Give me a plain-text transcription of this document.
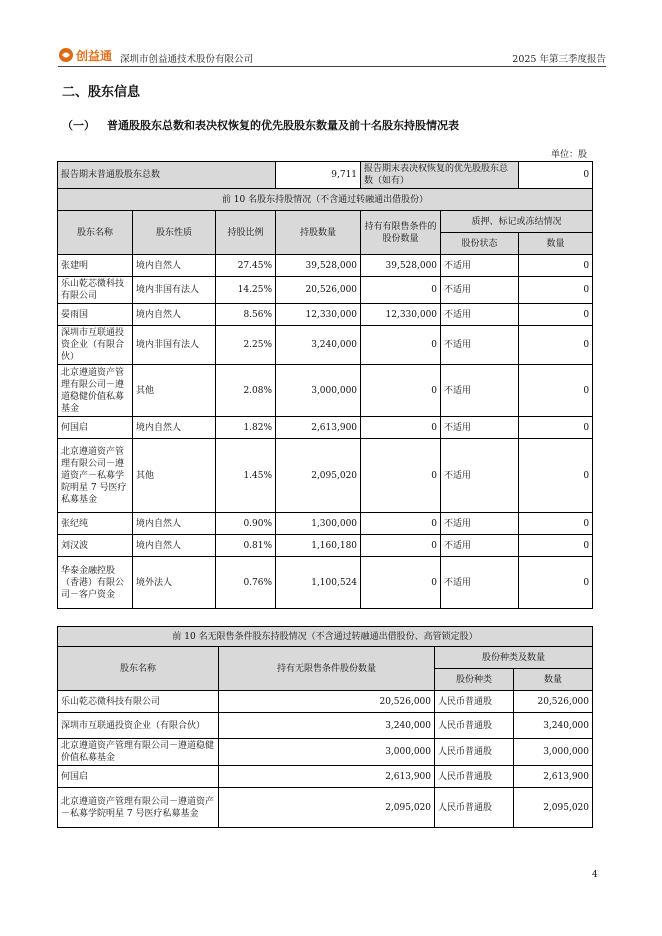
创益通 深圳市创益通技术股份有限公司	2025 年第三季度报告
二、股东信息
（一） 普通股股东总数和表决权恢复的优先股股东数量及前十名股东持股情况表
单位：股
报告期末普通股股东总数			9,711	报告期末表决权恢复的优先股股东总数（如有）		0
前 10 名股东持股情况（不含通过转融通出借股份）						
股东名称	股东性质	持股比例	持股数量	持有有限售条件的股份数量	质押、标记或冻结情况	
					股份状态	数量
张建明	境内自然人	27.45%	39,528,000	39,528,000	不适用	0
乐山乾芯微科技有限公司	境内非国有法人	14.25%	20,526,000	0	不适用	0
晏雨国	境内自然人	8.56%	12,330,000	12,330,000	不适用	0
深圳市互联通投资企业（有限合伙）	境内非国有法人	2.25%	3,240,000	0	不适用	0
北京遵道资产管理有限公司－遵道稳健价值私募基金	其他	2.08%	3,000,000	0	不适用	0
何国启	境内自然人	1.82%	2,613,900	0	不适用	0
北京遵道资产管理有限公司－遵道资产－私募学院明星 7 号医疗私募基金	其他	1.45%	2,095,020	0	不适用	0
张纪纯	境内自然人	0.90%	1,300,000	0	不适用	0
刘汉波	境内自然人	0.81%	1,160,180	0	不适用	0
华泰金融控股（香港）有限公司－客户资金	境外法人	0.76%	1,100,524	0	不适用	0
前 10 名无限售条件股东持股情况（不含通过转融通出借股份、高管锁定股）			
股东名称	持有无限售条件股份数量	股份种类及数量	
		股份种类	数量
乐山乾芯微科技有限公司	20,526,000	人民币普通股	20,526,000
深圳市互联通投资企业（有限合伙）	3,240,000	人民币普通股	3,240,000
北京遵道资产管理有限公司－遵道稳健价值私募基金	3,000,000	人民币普通股	3,000,000
何国启	2,613,900	人民币普通股	2,613,900
北京遵道资产管理有限公司－遵道资产－私募学院明星 7 号医疗私募基金	2,095,020	人民币普通股	2,095,020
4
